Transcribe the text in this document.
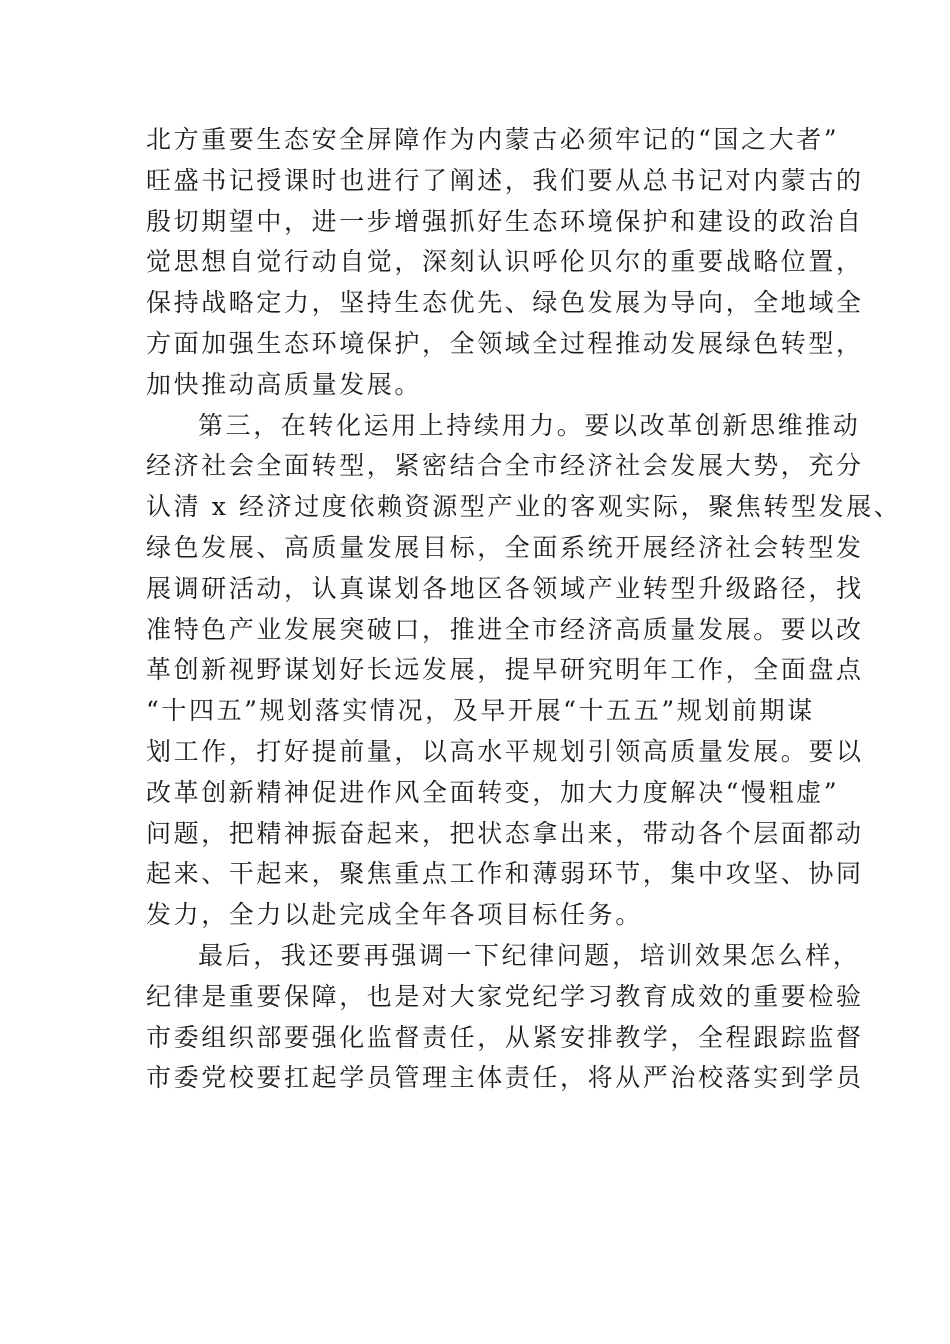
北方重要生态安全屏障作为内蒙古必须牢记的“国之大者”
旺盛书记授课时也进行了阐述，我们要从总书记对内蒙古的
殷切期望中，进一步增强抓好生态环境保护和建设的政治自
觉思想自觉行动自觉，深刻认识呼伦贝尔的重要战略位置，
保持战略定力，坚持生态优先、绿色发展为导向，全地域全
方面加强生态环境保护，全领域全过程推动发展绿色转型，
加快推动高质量发展。
第三，在转化运用上持续用力。要以改革创新思维推动
经济社会全面转型，紧密结合全市经济社会发展大势，充分
认清 x 经济过度依赖资源型产业的客观实际，聚焦转型发展、
绿色发展、高质量发展目标，全面系统开展经济社会转型发
展调研活动，认真谋划各地区各领域产业转型升级路径，找
准特色产业发展突破口，推进全市经济高质量发展。要以改
革创新视野谋划好长远发展，提早研究明年工作，全面盘点
“十四五”规划落实情况，及早开展“十五五”规划前期谋
划工作，打好提前量，以高水平规划引领高质量发展。要以
改革创新精神促进作风全面转变，加大力度解决“慢粗虚”
问题，把精神振奋起来，把状态拿出来，带动各个层面都动
起来、干起来，聚焦重点工作和薄弱环节，集中攻坚、协同
发力，全力以赴完成全年各项目标任务。
最后，我还要再强调一下纪律问题，培训效果怎么样，
纪律是重要保障，也是对大家党纪学习教育成效的重要检验
市委组织部要强化监督责任，从紧安排教学，全程跟踪监督
市委党校要扛起学员管理主体责任，将从严治校落实到学员
